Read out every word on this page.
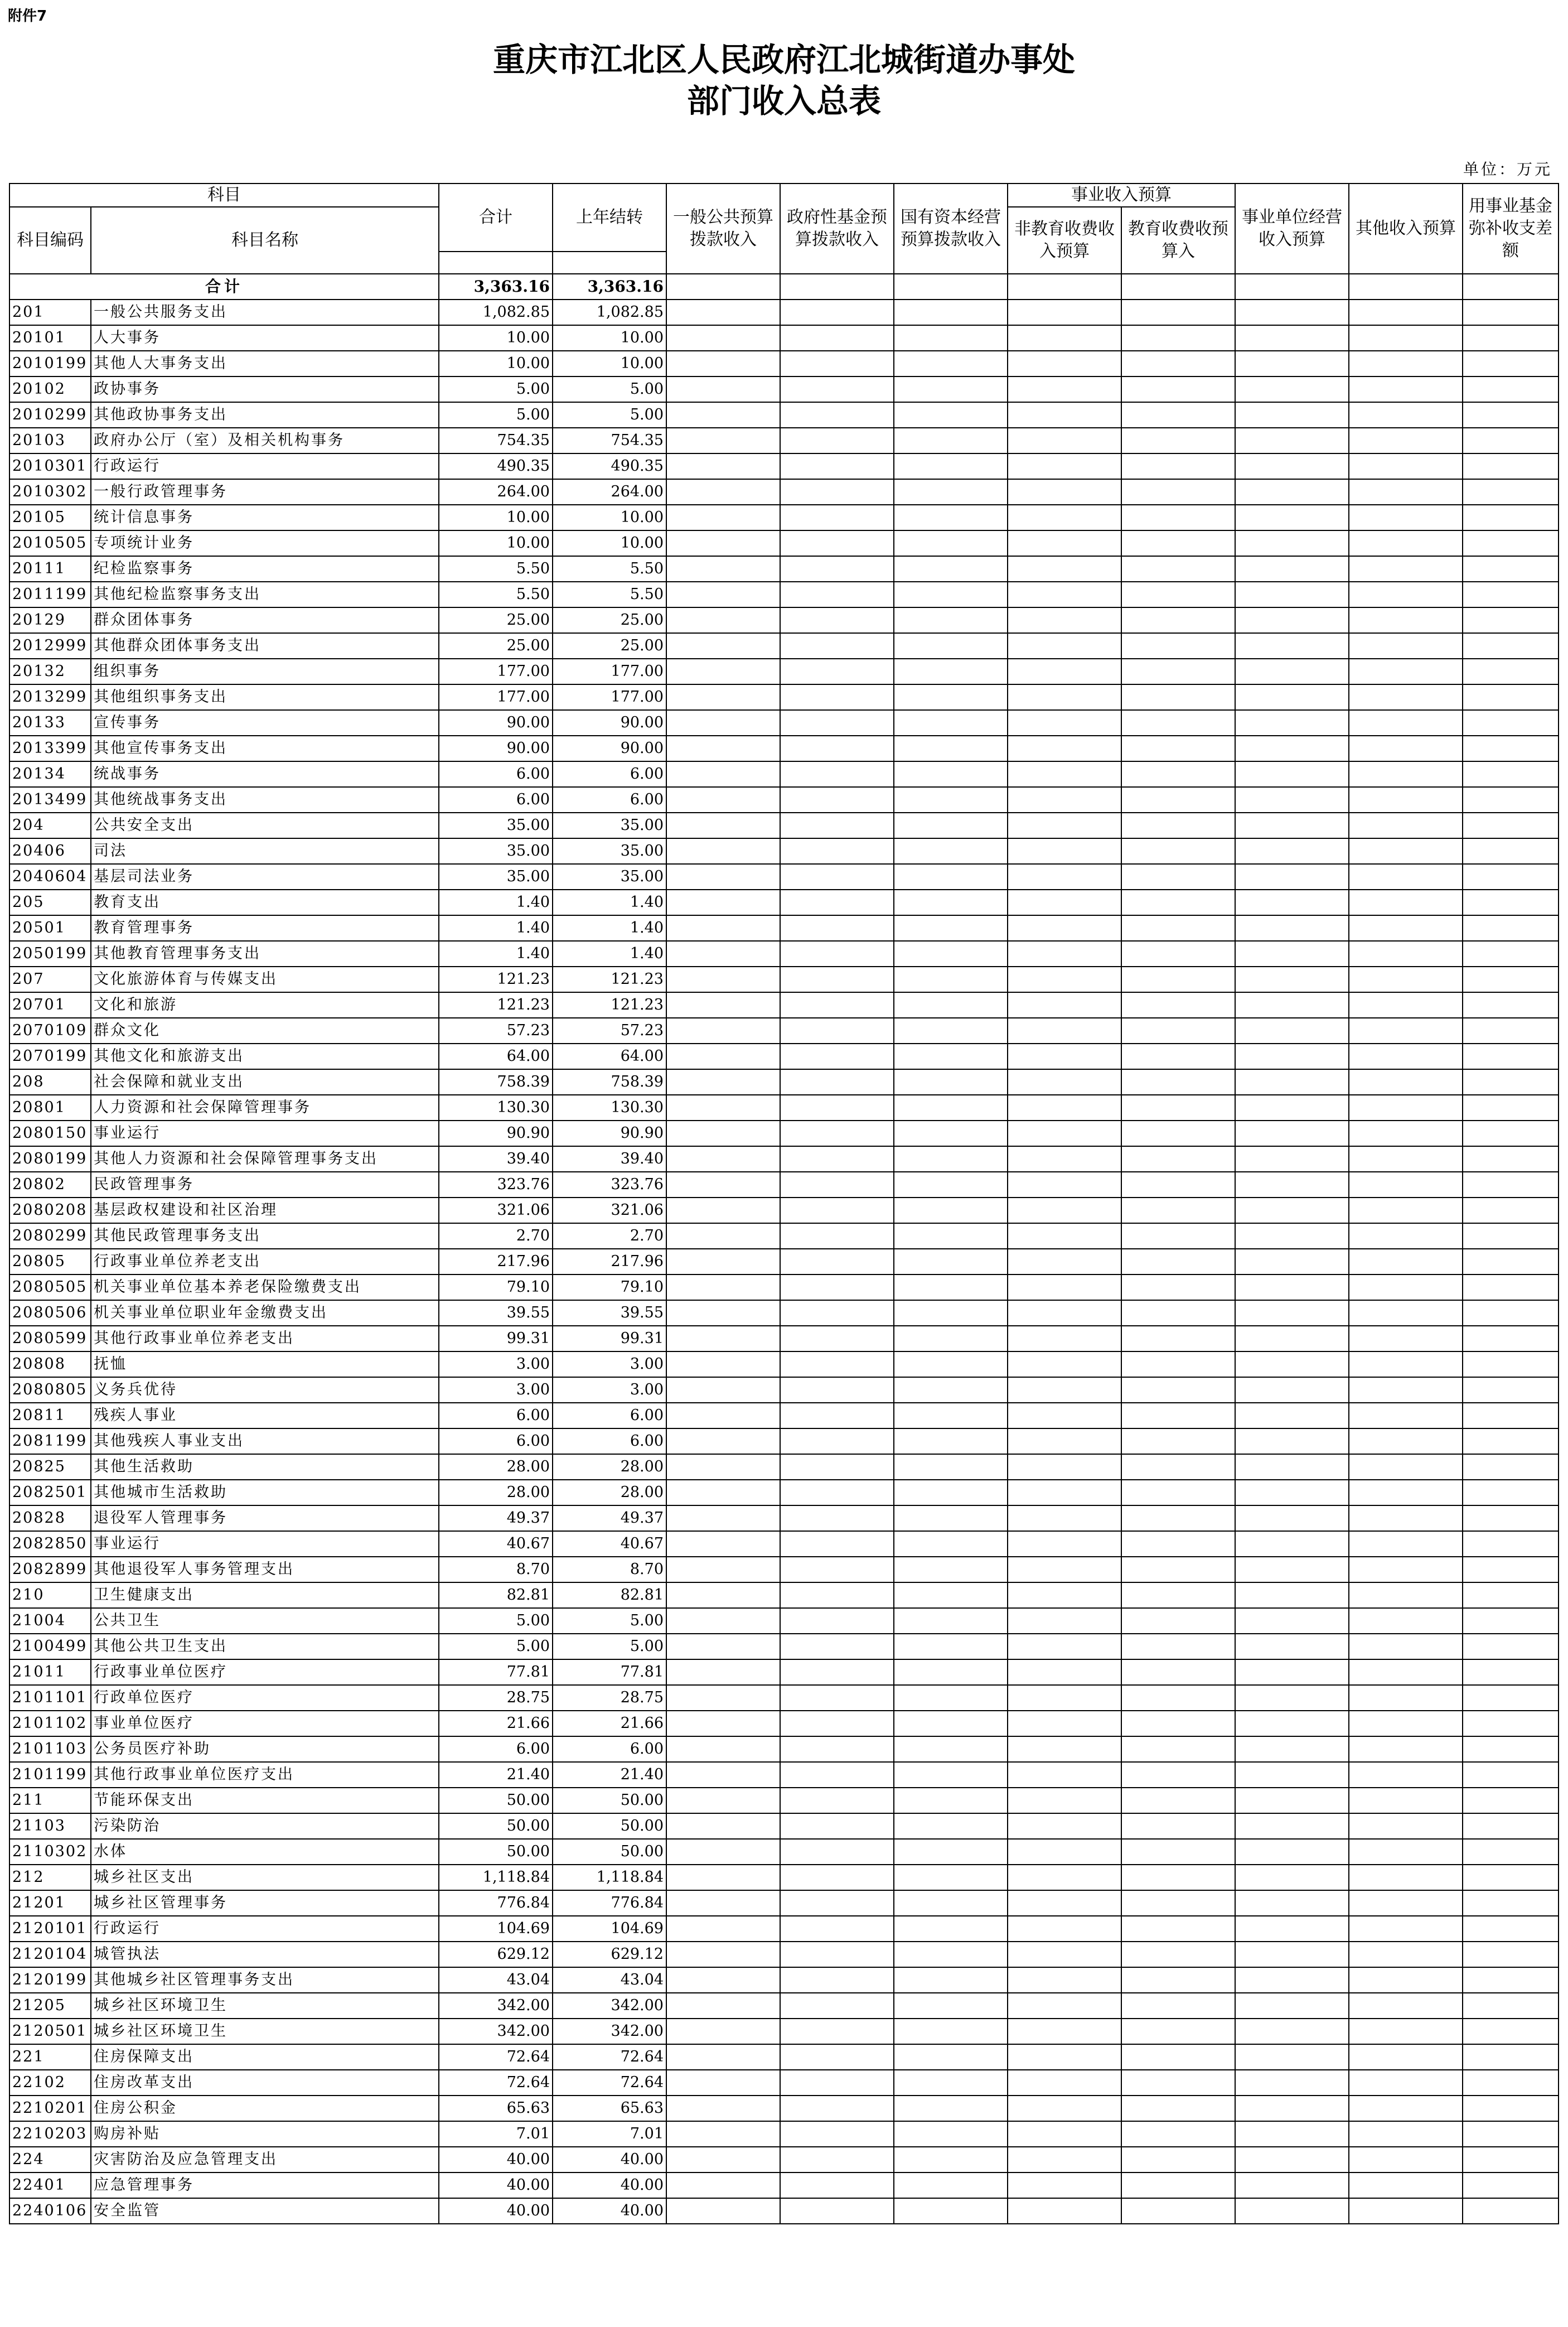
附件7
重庆市江北区人民政府江北城街道办事处
部门收入总表
单位：万元
科目		合计	上年结转	一般公共预算拨款收入	政府性基金预算拨款收入	国有资本经营预算拨款收入	事业收入预算		事业单位经营收入预算	其他收入预算	用事业基金弥补收支差额
科目编码	科目名称						非教育收费收入预算	教育收费收预算入			

合计		3,363.16	3,363.16								
201	一般公共服务支出	1,082.85	1,082.85								
20101	人大事务	10.00	10.00								
2010199	其他人大事务支出	10.00	10.00								
20102	政协事务	5.00	5.00								
2010299	其他政协事务支出	5.00	5.00								
20103	政府办公厅（室）及相关机构事务	754.35	754.35								
2010301	行政运行	490.35	490.35								
2010302	一般行政管理事务	264.00	264.00								
20105	统计信息事务	10.00	10.00								
2010505	专项统计业务	10.00	10.00								
20111	纪检监察事务	5.50	5.50								
2011199	其他纪检监察事务支出	5.50	5.50								
20129	群众团体事务	25.00	25.00								
2012999	其他群众团体事务支出	25.00	25.00								
20132	组织事务	177.00	177.00								
2013299	其他组织事务支出	177.00	177.00								
20133	宣传事务	90.00	90.00								
2013399	其他宣传事务支出	90.00	90.00								
20134	统战事务	6.00	6.00								
2013499	其他统战事务支出	6.00	6.00								
204	公共安全支出	35.00	35.00								
20406	司法	35.00	35.00								
2040604	基层司法业务	35.00	35.00								
205	教育支出	1.40	1.40								
20501	教育管理事务	1.40	1.40								
2050199	其他教育管理事务支出	1.40	1.40								
207	文化旅游体育与传媒支出	121.23	121.23								
20701	文化和旅游	121.23	121.23								
2070109	群众文化	57.23	57.23								
2070199	其他文化和旅游支出	64.00	64.00								
208	社会保障和就业支出	758.39	758.39								
20801	人力资源和社会保障管理事务	130.30	130.30								
2080150	事业运行	90.90	90.90								
2080199	其他人力资源和社会保障管理事务支出	39.40	39.40								
20802	民政管理事务	323.76	323.76								
2080208	基层政权建设和社区治理	321.06	321.06								
2080299	其他民政管理事务支出	2.70	2.70								
20805	行政事业单位养老支出	217.96	217.96								
2080505	机关事业单位基本养老保险缴费支出	79.10	79.10								
2080506	机关事业单位职业年金缴费支出	39.55	39.55								
2080599	其他行政事业单位养老支出	99.31	99.31								
20808	抚恤	3.00	3.00								
2080805	义务兵优待	3.00	3.00								
20811	残疾人事业	6.00	6.00								
2081199	其他残疾人事业支出	6.00	6.00								
20825	其他生活救助	28.00	28.00								
2082501	其他城市生活救助	28.00	28.00								
20828	退役军人管理事务	49.37	49.37								
2082850	事业运行	40.67	40.67								
2082899	其他退役军人事务管理支出	8.70	8.70								
210	卫生健康支出	82.81	82.81								
21004	公共卫生	5.00	5.00								
2100499	其他公共卫生支出	5.00	5.00								
21011	行政事业单位医疗	77.81	77.81								
2101101	行政单位医疗	28.75	28.75								
2101102	事业单位医疗	21.66	21.66								
2101103	公务员医疗补助	6.00	6.00								
2101199	其他行政事业单位医疗支出	21.40	21.40								
211	节能环保支出	50.00	50.00								
21103	污染防治	50.00	50.00								
2110302	水体	50.00	50.00								
212	城乡社区支出	1,118.84	1,118.84								
21201	城乡社区管理事务	776.84	776.84								
2120101	行政运行	104.69	104.69								
2120104	城管执法	629.12	629.12								
2120199	其他城乡社区管理事务支出	43.04	43.04								
21205	城乡社区环境卫生	342.00	342.00								
2120501	城乡社区环境卫生	342.00	342.00								
221	住房保障支出	72.64	72.64								
22102	住房改革支出	72.64	72.64								
2210201	住房公积金	65.63	65.63								
2210203	购房补贴	7.01	7.01								
224	灾害防治及应急管理支出	40.00	40.00								
22401	应急管理事务	40.00	40.00								
2240106	安全监管	40.00	40.00								
